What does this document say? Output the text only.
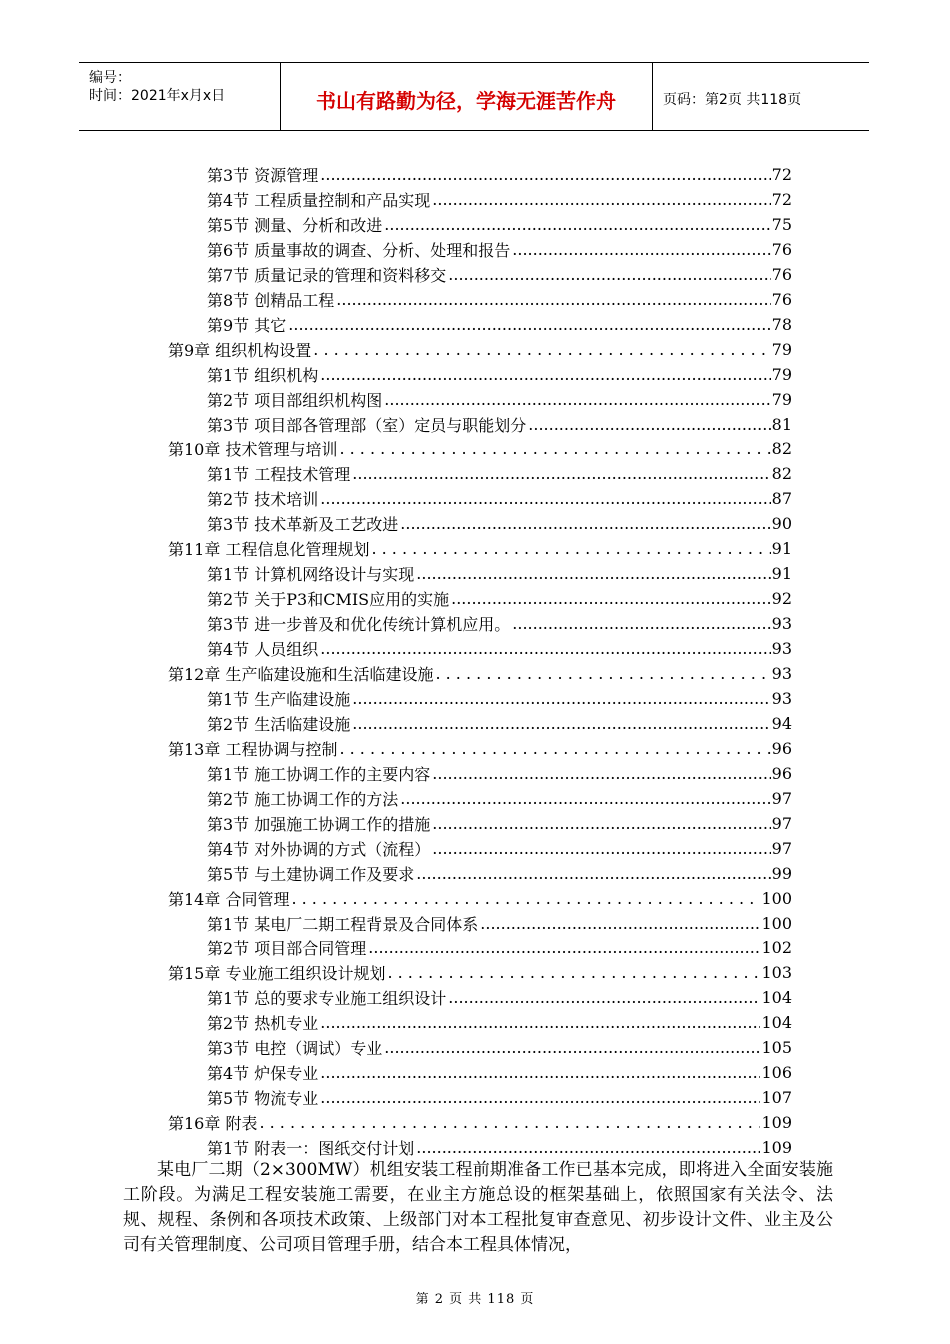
编号：
时间：2021年x月x日	书山有路勤为径，学海无涯苦作舟	页码：第2页 共118页
第3节 资源管理 .....	72
第4节 工程质量控制和产品实现 .....	72
第5节 测量、分析和改进 .....	75
第6节 质量事故的调查、分析、处理和报告 .....	76
第7节 质量记录的管理和资料移交 .....	76
第8节 创精品工程 .....	76
第9节 其它 .....	78
第9章 组织机构设置 . . .	79
第1节 组织机构 .....	79
第2节 项目部组织机构图 .....	79
第3节 项目部各管理部（室）定员与职能划分 .....	81
第10章 技术管理与培训 . . .	82
第1节 工程技术管理 .....	82
第2节 技术培训 .....	87
第3节 技术革新及工艺改进 .....	90
第11章 工程信息化管理规划 . . .	91
第1节 计算机网络设计与实现 .....	91
第2节 关于P3和CMIS应用的实施 .....	92
第3节 进一步普及和优化传统计算机应用。 .....	93
第4节 人员组织 .....	93
第12章 生产临建设施和生活临建设施 . . .	93
第1节 生产临建设施 .....	93
第2节 生活临建设施 .....	94
第13章 工程协调与控制 . . .	96
第1节 施工协调工作的主要内容 .....	96
第2节 施工协调工作的方法 .....	97
第3节 加强施工协调工作的措施 .....	97
第4节 对外协调的方式（流程） .....	97
第5节 与土建协调工作及要求 .....	99
第14章 合同管理 . . .	100
第1节 某电厂二期工程背景及合同体系 .....	100
第2节 项目部合同管理 .....	102
第15章 专业施工组织设计规划 . . .	103
第1节 总的要求专业施工组织设计 .....	104
第2节 热机专业 .....	104
第3节 电控（调试）专业 .....	105
第4节 炉保专业 .....	106
第5节 物流专业 .....	107
第16章 附表 . . .	109
第1节 附表一：图纸交付计划 .....	109

某电厂二期（2×300MW）机组安装工程前期准备工作已基本完成，即将进入全面安装施工阶段。为满足工程安装施工需要，在业主方施总设的框架基础上，依照国家有关法令、法规、规程、条例和各项技术政策、上级部门对本工程批复审查意见、初步设计文件、业主及公司有关管理制度、公司项目管理手册，结合本工程具体情况，

第 2 页 共 118 页
